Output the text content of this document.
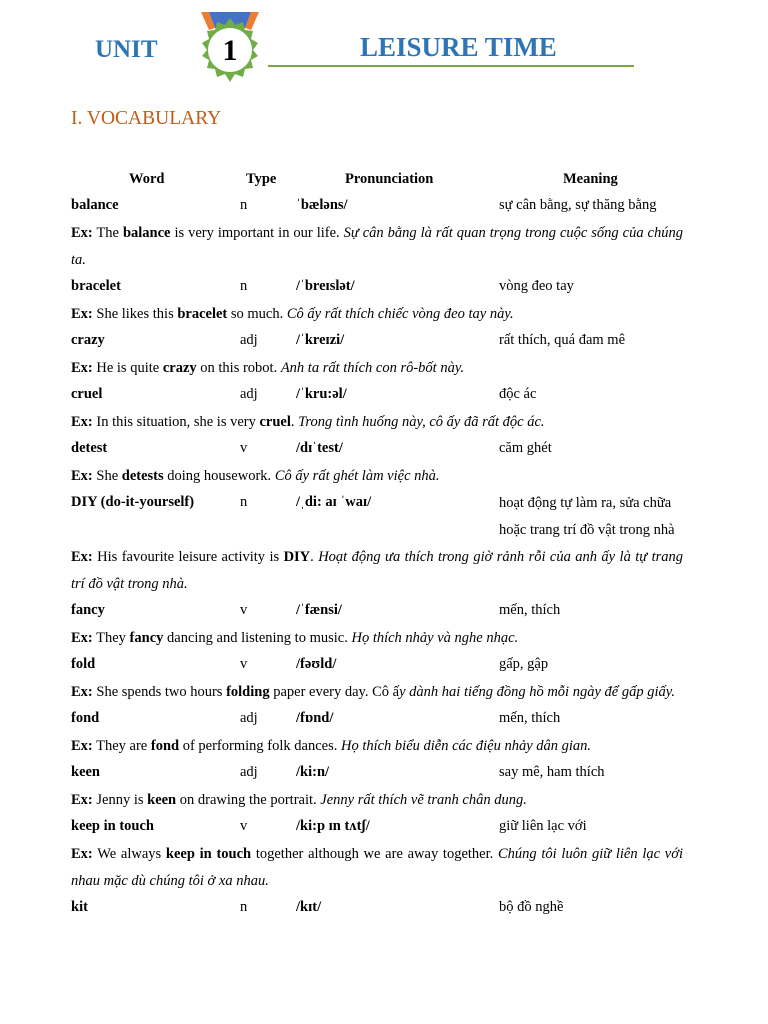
UNIT	1	LEISURE TIME
I. VOCABULARY
Word	Type	Pronunciation	Meaning
balance	n	ˈbæləns/	sự cân bằng, sự thăng bằng
Ex: The balance is very important in our life. Sự cân bằng là rất quan trọng trong cuộc sống của chúng ta.
bracelet	n	/ˈbreɪslət/	vòng đeo tay
Ex: She likes this bracelet so much. Cô ấy rất thích chiếc vòng đeo tay này.
crazy	adj	/ˈkreɪzi/	rất thích, quá đam mê
Ex: He is quite crazy on this robot. Anh ta rất thích con rô-bốt này.
cruel	adj	/ˈkru:əl/	độc ác
Ex: In this situation, she is very cruel. Trong tình huống này, cô ấy đã rất độc ác.
detest	v	/dɪˈtest/	căm ghét
Ex: She detests doing housework. Cô ấy rất ghét làm việc nhà.
DIY (do-it-yourself)	n	/ˌdi: aɪ ˈwaɪ/	hoạt động tự làm ra, sửa chữa hoặc trang trí đồ vật trong nhà
Ex: His favourite leisure activity is DIY. Hoạt động ưa thích trong giờ rảnh rỗi của anh ấy là tự trang trí đồ vật trong nhà.
fancy	v	/ˈfænsi/	mến, thích
Ex: They fancy dancing and listening to music. Họ thích nhảy và nghe nhạc.
fold	v	/fəʊld/	gấp, gập
Ex: She spends two hours folding paper every day. Cô ấy dành hai tiếng đồng hồ mỗi ngày để gấp giấy.
fond	adj	/fɒnd/	mến, thích
Ex: They are fond of performing folk dances. Họ thích biểu diễn các điệu nhảy dân gian.
keen	adj	/ki:n/	say mê, ham thích
Ex: Jenny is keen on drawing the portrait. Jenny rất thích vẽ tranh chân dung.
keep in touch	v	/ki:p ɪn tʌtʃ/	giữ liên lạc với
Ex: We always keep in touch together although we are away together. Chúng tôi luôn giữ liên lạc với nhau mặc dù chúng tôi ở xa nhau.
kit	n	/kɪt/	bộ đồ nghề
